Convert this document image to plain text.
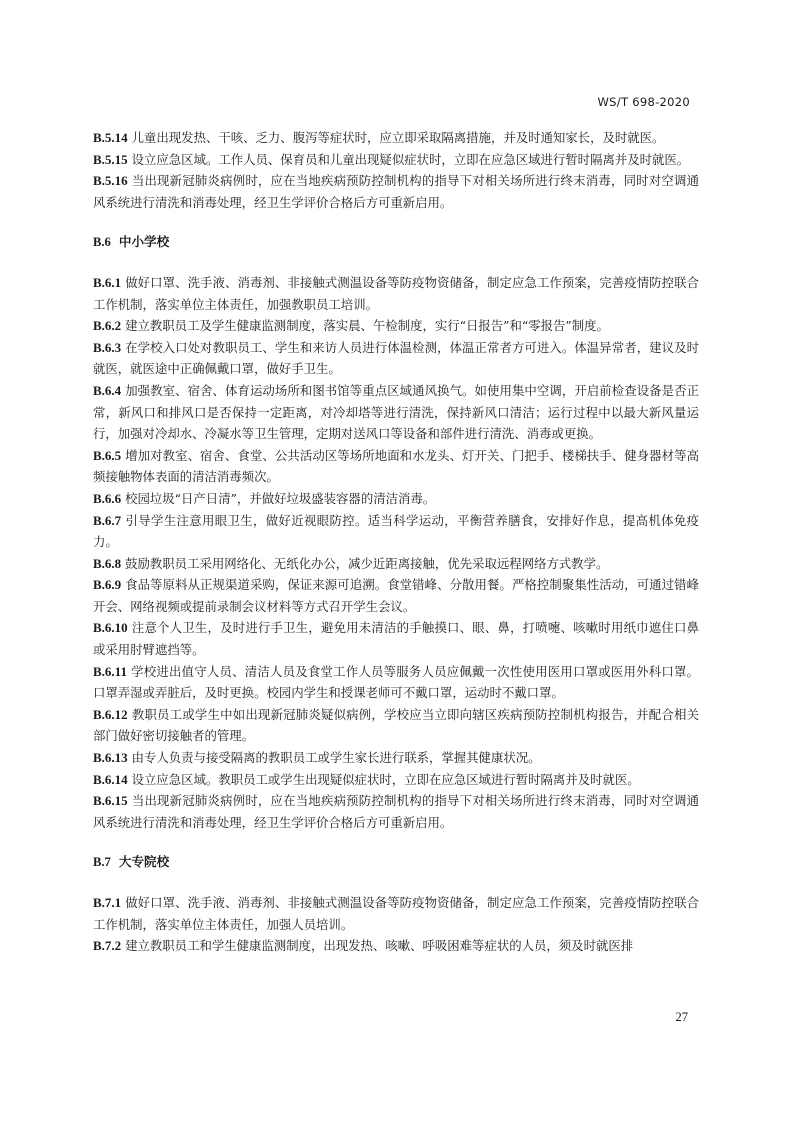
WS/T 698-2020

B.5.14 儿童出现发热、干咳、乏力、腹泻等症状时，应立即采取隔离措施，并及时通知家长，及时就医。

B.5.15 设立应急区域。工作人员、保育员和儿童出现疑似症状时，立即在应急区域进行暂时隔离并及时就医。

B.5.16 当出现新冠肺炎病例时，应在当地疾病预防控制机构的指导下对相关场所进行终末消毒，同时对空调通风系统进行清洗和消毒处理，经卫生学评价合格后方可重新启用。

B.6 中小学校

B.6.1 做好口罩、洗手液、消毒剂、非接触式测温设备等防疫物资储备，制定应急工作预案，完善疫情防控联合工作机制，落实单位主体责任，加强教职员工培训。

B.6.2 建立教职员工及学生健康监测制度，落实晨、午检制度，实行“日报告”和“零报告”制度。

B.6.3 在学校入口处对教职员工、学生和来访人员进行体温检测，体温正常者方可进入。体温异常者，建议及时就医，就医途中正确佩戴口罩，做好手卫生。

B.6.4 加强教室、宿舍、体育运动场所和图书馆等重点区域通风换气。如使用集中空调，开启前检查设备是否正常，新风口和排风口是否保持一定距离，对冷却塔等进行清洗，保持新风口清洁；运行过程中以最大新风量运行，加强对冷却水、冷凝水等卫生管理，定期对送风口等设备和部件进行清洗、消毒或更换。

B.6.5 增加对教室、宿舍、食堂、公共活动区等场所地面和水龙头、灯开关、门把手、楼梯扶手、健身器材等高频接触物体表面的清洁消毒频次。

B.6.6 校园垃圾“日产日清”，并做好垃圾盛装容器的清洁消毒。

B.6.7 引导学生注意用眼卫生，做好近视眼防控。适当科学运动，平衡营养膳食，安排好作息，提高机体免疫力。

B.6.8 鼓励教职员工采用网络化、无纸化办公，减少近距离接触，优先采取远程网络方式教学。

B.6.9 食品等原料从正规渠道采购，保证来源可追溯。食堂错峰、分散用餐。严格控制聚集性活动，可通过错峰开会、网络视频或提前录制会议材料等方式召开学生会议。

B.6.10 注意个人卫生，及时进行手卫生，避免用未清洁的手触摸口、眼、鼻，打喷嚏、咳嗽时用纸巾遮住口鼻或采用肘臂遮挡等。

B.6.11 学校进出值守人员、清洁人员及食堂工作人员等服务人员应佩戴一次性使用医用口罩或医用外科口罩。口罩弄湿或弄脏后，及时更换。校园内学生和授课老师可不戴口罩，运动时不戴口罩。

B.6.12 教职员工或学生中如出现新冠肺炎疑似病例，学校应当立即向辖区疾病预防控制机构报告，并配合相关部门做好密切接触者的管理。

B.6.13 由专人负责与接受隔离的教职员工或学生家长进行联系，掌握其健康状况。

B.6.14 设立应急区域。教职员工或学生出现疑似症状时，立即在应急区域进行暂时隔离并及时就医。

B.6.15 当出现新冠肺炎病例时，应在当地疾病预防控制机构的指导下对相关场所进行终末消毒，同时对空调通风系统进行清洗和消毒处理，经卫生学评价合格后方可重新启用。

B.7 大专院校

B.7.1 做好口罩、洗手液、消毒剂、非接触式测温设备等防疫物资储备，制定应急工作预案，完善疫情防控联合工作机制，落实单位主体责任，加强人员培训。

B.7.2 建立教职员工和学生健康监测制度，出现发热、咳嗽、呼吸困难等症状的人员，须及时就医排

27
